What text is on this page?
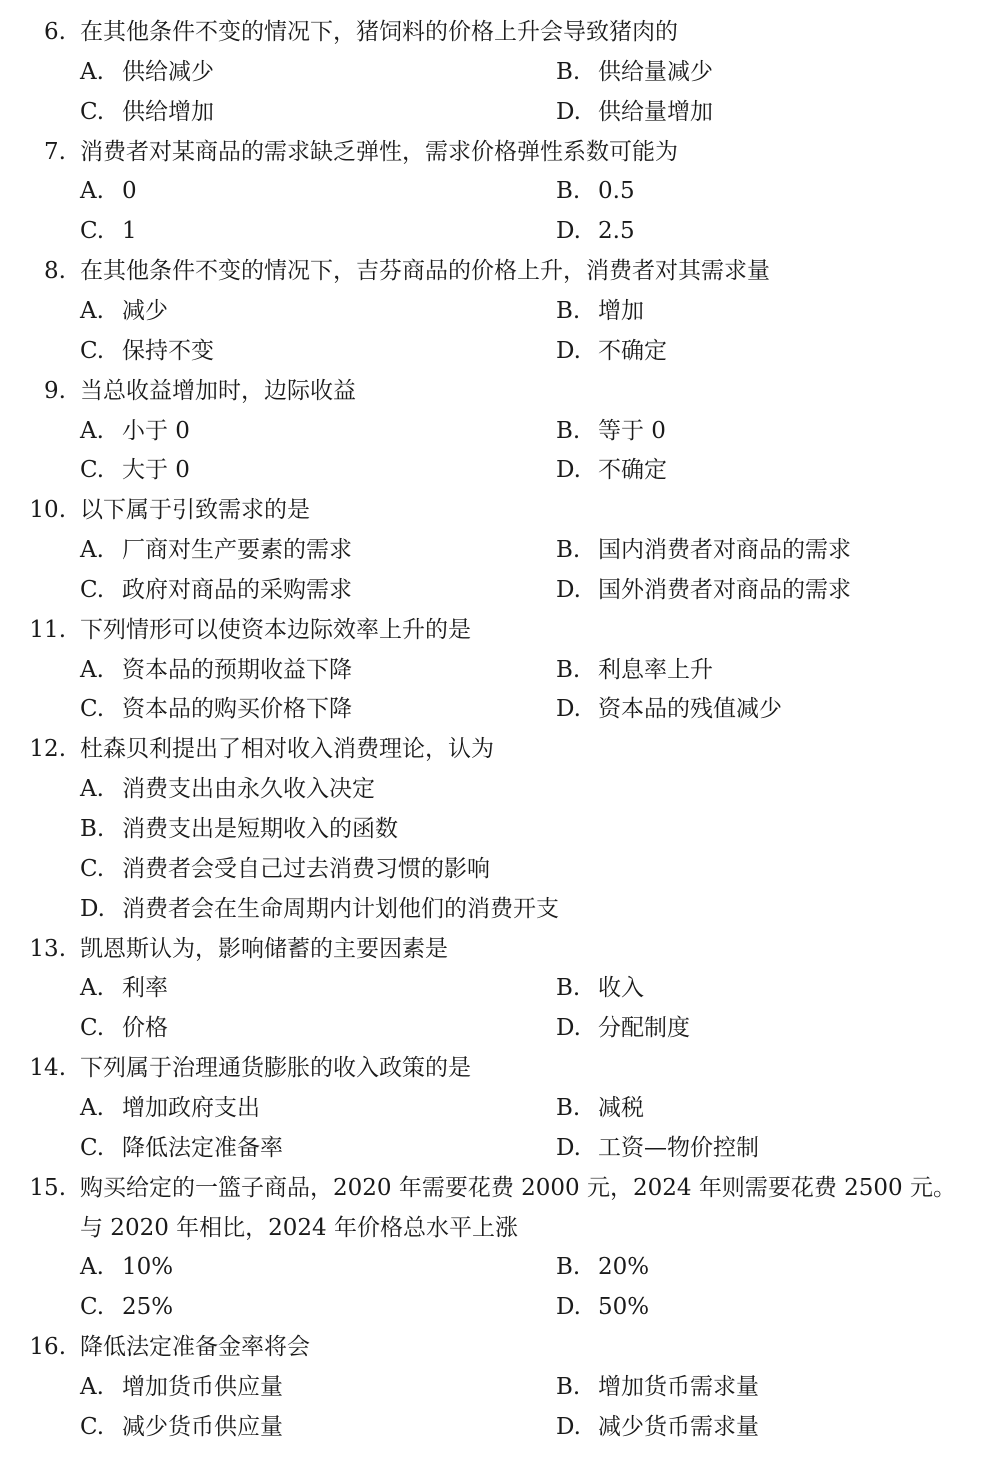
6. 在其他条件不变的情况下，猪饲料的价格上升会导致猪肉的
A. 供给减少	B. 供给量减少
C. 供给增加	D. 供给量增加
7. 消费者对某商品的需求缺乏弹性，需求价格弹性系数可能为
A. 0	B. 0.5
C. 1	D. 2.5
8. 在其他条件不变的情况下，吉芬商品的价格上升，消费者对其需求量
A. 减少	B. 增加
C. 保持不变	D. 不确定
9. 当总收益增加时，边际收益
A. 小于 0	B. 等于 0
C. 大于 0	D. 不确定
10. 以下属于引致需求的是
A. 厂商对生产要素的需求	B. 国内消费者对商品的需求
C. 政府对商品的采购需求	D. 国外消费者对商品的需求
11. 下列情形可以使资本边际效率上升的是
A. 资本品的预期收益下降	B. 利息率上升
C. 资本品的购买价格下降	D. 资本品的残值减少
12. 杜森贝利提出了相对收入消费理论，认为
A. 消费支出由永久收入决定
B. 消费支出是短期收入的函数
C. 消费者会受自己过去消费习惯的影响
D. 消费者会在生命周期内计划他们的消费开支
13. 凯恩斯认为，影响储蓄的主要因素是
A. 利率	B. 收入
C. 价格	D. 分配制度
14. 下列属于治理通货膨胀的收入政策的是
A. 增加政府支出	B. 减税
C. 降低法定准备率	D. 工资—物价控制
15. 购买给定的一篮子商品，2020 年需要花费 2000 元，2024 年则需要花费 2500 元。
与 2020 年相比，2024 年价格总水平上涨
A. 10%	B. 20%
C. 25%	D. 50%
16. 降低法定准备金率将会
A. 增加货币供应量	B. 增加货币需求量
C. 减少货币供应量	D. 减少货币需求量
